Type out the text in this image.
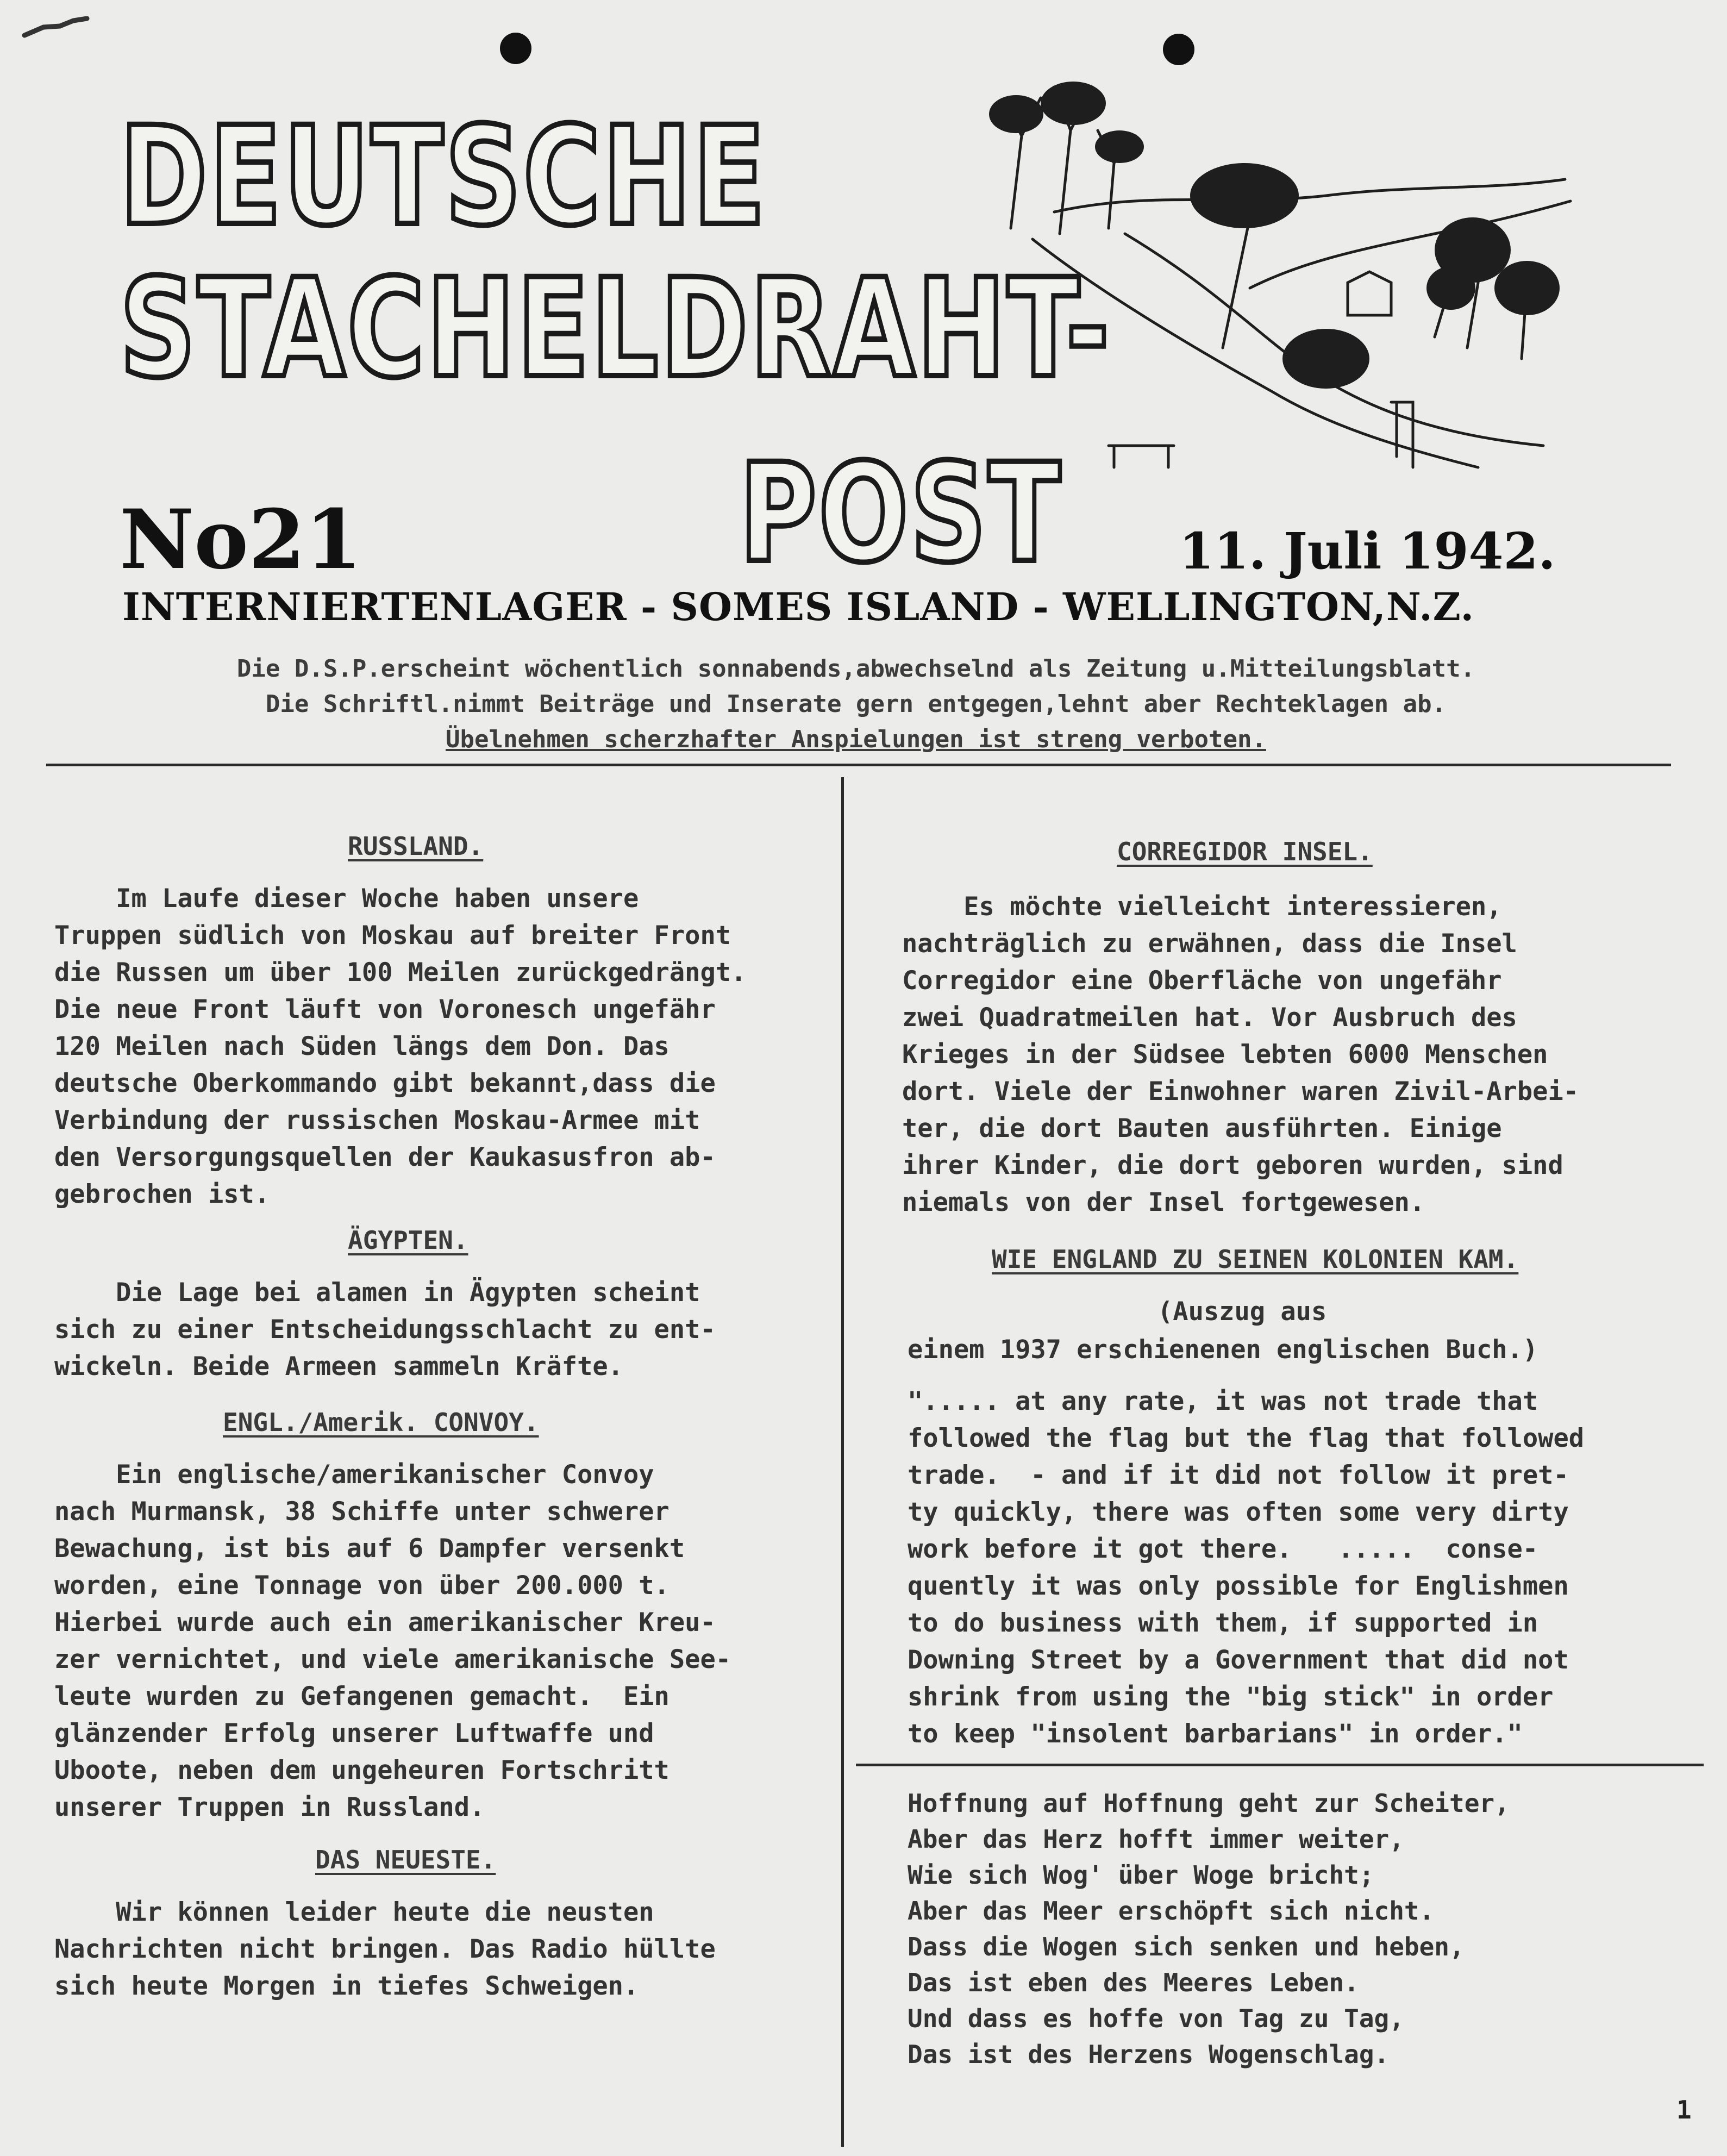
DEUTSCHE
STACHELDRAHT-
POST
No21	11. Juli 1942.
INTERNIERTENLAGER - SOMES ISLAND - WELLINGTON,N.Z.
Die D.S.P.erscheint wöchentlich sonnabends,abwechselnd als Zeitung u.Mitteilungsblatt.
Die Schriftl.nimmt Beiträge und Inserate gern entgegen,lehnt aber Rechteklagen ab.
Übelnehmen scherzhafter Anspielungen ist streng verboten.
RUSSLAND.

Im Laufe dieser Woche haben unsere

Truppen südlich von Moskau auf breiter Front

die Russen um über 100 Meilen zurückgedrängt.

Die neue Front läuft von Voronesch ungefähr

120 Meilen nach Süden längs dem Don. Das

deutsche Oberkommando gibt bekannt,dass die

Verbindung der russischen Moskau-Armee mit

den Versorgungsquellen der Kaukasusfron ab-

gebrochen ist.

ÄGYPTEN.

Die Lage bei alamen in Ägypten scheint

sich zu einer Entscheidungsschlacht zu ent-

wickeln. Beide Armeen sammeln Kräfte.

ENGL./Amerik. CONVOY.

Ein englische/amerikanischer Convoy

nach Murmansk, 38 Schiffe unter schwerer

Bewachung, ist bis auf 6 Dampfer versenkt

worden, eine Tonnage von über 200.000 t.

Hierbei wurde auch ein amerikanischer Kreu-

zer vernichtet, und viele amerikanische See-

leute wurden zu Gefangenen gemacht.  Ein

glänzender Erfolg unserer Luftwaffe und

Uboote, neben dem ungeheuren Fortschritt

unserer Truppen in Russland.

DAS NEUESTE.

Wir können leider heute die neusten

Nachrichten nicht bringen. Das Radio hüllte

sich heute Morgen in tiefes Schweigen.

CORREGIDOR INSEL.

Es möchte vielleicht interessieren,

nachträglich zu erwähnen, dass die Insel

Corregidor eine Oberfläche von ungefähr

zwei Quadratmeilen hat. Vor Ausbruch des

Krieges in der Südsee lebten 6000 Menschen

dort. Viele der Einwohner waren Zivil-Arbei-

ter, die dort Bauten ausführten. Einige

ihrer Kinder, die dort geboren wurden, sind

niemals von der Insel fortgewesen.

WIE ENGLAND ZU SEINEN KOLONIEN KAM.
(Auszug aus
einem 1937 erschienenen englischen Buch.)

"..... at any rate, it was not trade that

followed the flag but the flag that followed

trade.  - and if it did not follow it pret-

ty quickly, there was often some very dirty

work before it got there.   .....  conse-

quently it was only possible for Englishmen

to do business with them, if supported in

Downing Street by a Government that did not

shrink from using the "big stick" in order

to keep "insolent barbarians" in order."

Hoffnung auf Hoffnung geht zur Scheiter,

Aber das Herz hofft immer weiter,

Wie sich Wog' über Woge bricht;

Aber das Meer erschöpft sich nicht.

Dass die Wogen sich senken und heben,

Das ist eben des Meeres Leben.

Und dass es hoffe von Tag zu Tag,

Das ist des Herzens Wogenschlag.

1
